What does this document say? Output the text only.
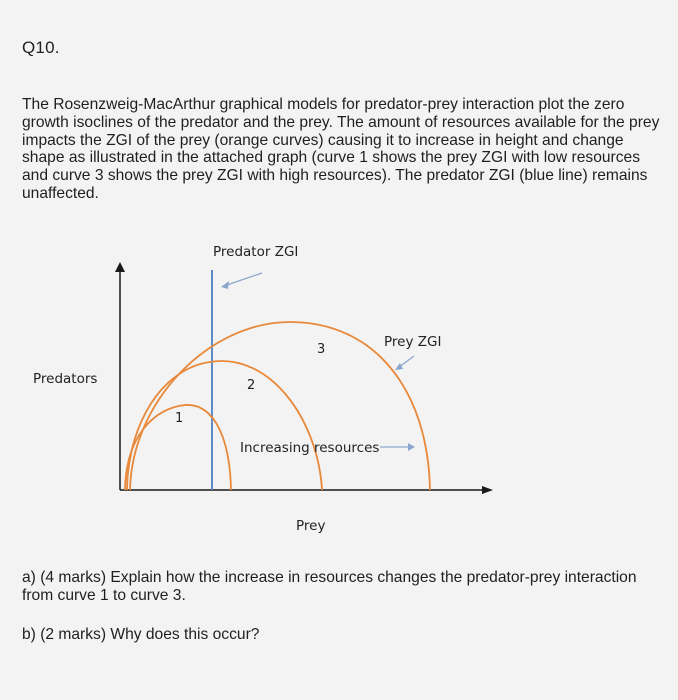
Q10.

The Rosenzweig-MacArthur graphical models for predator-prey interaction plot the zero growth isoclines of the predator and the prey. The amount of resources available for the prey impacts the ZGI of the prey (orange curves) causing it to increase in height and change shape as illustrated in the attached graph (curve 1 shows the prey ZGI with low resources and curve 3 shows the prey ZGI with high resources). The predator ZGI (blue line) remains unaffected.

Predator ZGI
Prey ZGI
Predators
Prey
1
2
3
Increasing resources

a) (4 marks) Explain how the increase in resources changes the predator-prey interaction from curve 1 to curve 3.

b) (2 marks) Why does this occur?
